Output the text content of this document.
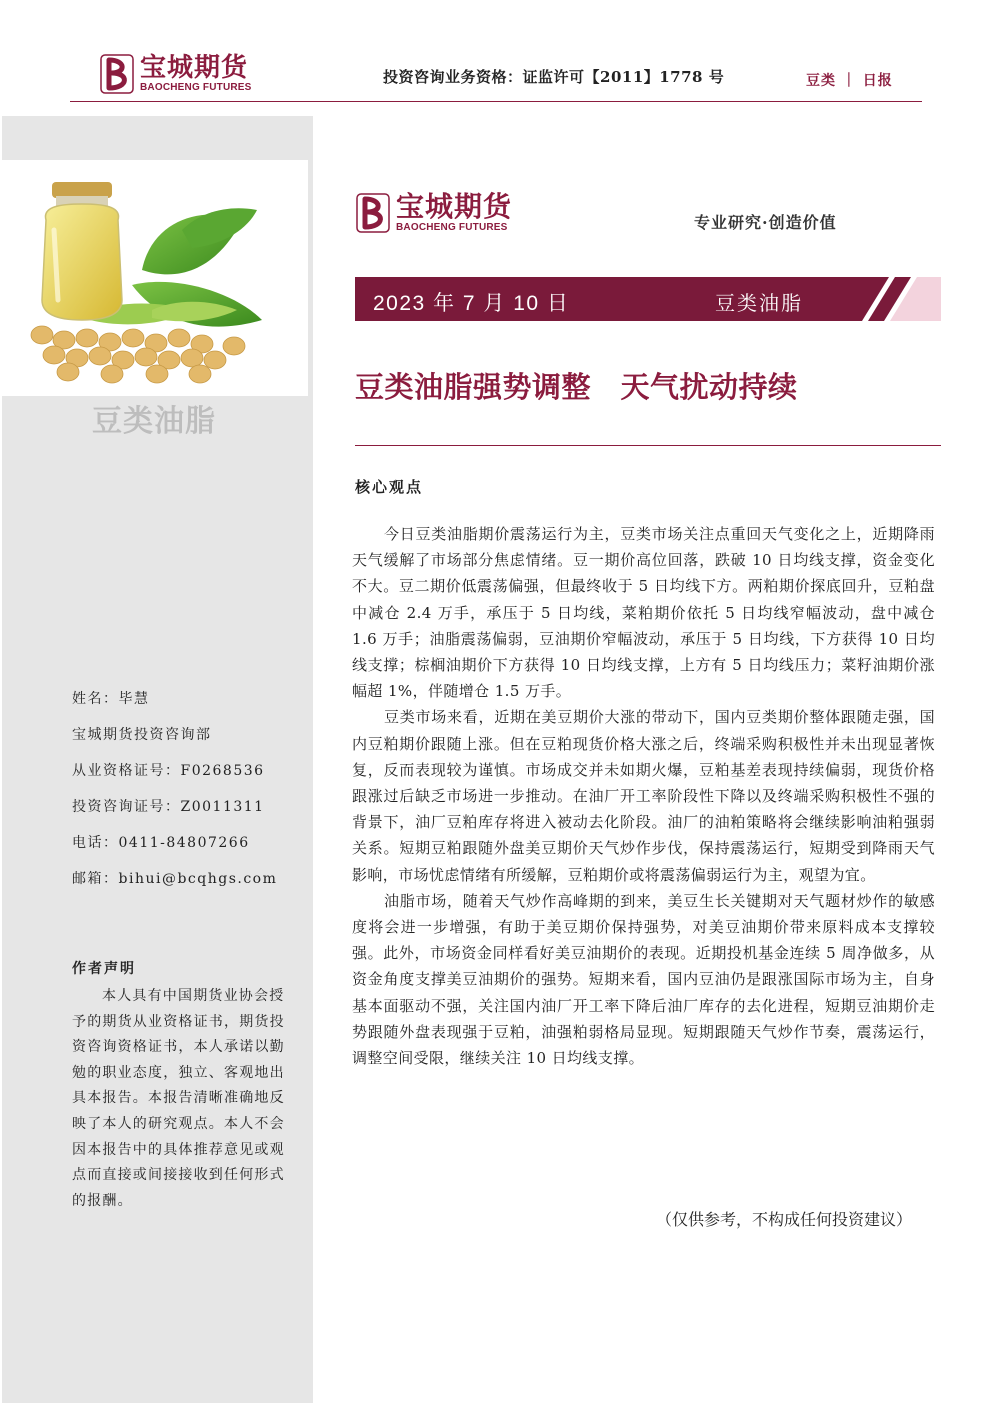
宝城期货
BAOCHENG FUTURES
投资咨询业务资格：证监许可【2011】1778 号	豆类 ｜ 日报
豆类油脂
姓名：毕慧
宝城期货投资咨询部
从业资格证号：F0268536
投资咨询证号：Z0011311
电话：0411-84807266
邮箱：bihui@bcqhgs.com
作者声明

本人具有中国期货业协会授予的期货从业资格证书，期货投资咨询资格证书，本人承诺以勤勉的职业态度，独立、客观地出具本报告。本报告清晰准确地反映了本人的研究观点。本人不会因本报告中的具体推荐意见或观点而直接或间接接收到任何形式的报酬。

宝城期货
BAOCHENG FUTURES	专业研究·创造价值
2023 年 7 月 10 日	豆类油脂
豆类油脂强势调整　天气扰动持续
核心观点

今日豆类油脂期价震荡运行为主，豆类市场关注点重回天气变化之上，近期降雨天气缓解了市场部分焦虑情绪。豆一期价高位回落，跌破 10 日均线支撑，资金变化不大。豆二期价低震荡偏强，但最终收于 5 日均线下方。两粕期价探底回升，豆粕盘中减仓 2.4 万手，承压于 5 日均线，菜粕期价依托 5 日均线窄幅波动，盘中减仓 1.6 万手；油脂震荡偏弱，豆油期价窄幅波动，承压于 5 日均线，下方获得 10 日均线支撑；棕榈油期价下方获得 10 日均线支撑，上方有 5 日均线压力；菜籽油期价涨幅超 1%，伴随增仓 1.5 万手。

豆类市场来看，近期在美豆期价大涨的带动下，国内豆类期价整体跟随走强，国内豆粕期价跟随上涨。但在豆粕现货价格大涨之后，终端采购积极性并未出现显著恢复，反而表现较为谨慎。市场成交并未如期火爆，豆粕基差表现持续偏弱，现货价格跟涨过后缺乏市场进一步推动。在油厂开工率阶段性下降以及终端采购积极性不强的背景下，油厂豆粕库存将进入被动去化阶段。油厂的油粕策略将会继续影响油粕强弱关系。短期豆粕跟随外盘美豆期价天气炒作步伐，保持震荡运行，短期受到降雨天气影响，市场忧虑情绪有所缓解，豆粕期价或将震荡偏弱运行为主，观望为宜。

油脂市场，随着天气炒作高峰期的到来，美豆生长关键期对天气题材炒作的敏感度将会进一步增强，有助于美豆期价保持强势，对美豆油期价带来原料成本支撑较强。此外，市场资金同样看好美豆油期价的表现。近期投机基金连续 5 周净做多，从资金角度支撑美豆油期价的强势。短期来看，国内豆油仍是跟涨国际市场为主，自身基本面驱动不强，关注国内油厂开工率下降后油厂库存的去化进程，短期豆油期价走势跟随外盘表现强于豆粕，油强粕弱格局显现。短期跟随天气炒作节奏，震荡运行，调整空间受限，继续关注 10 日均线支撑。

（仅供参考，不构成任何投资建议）
